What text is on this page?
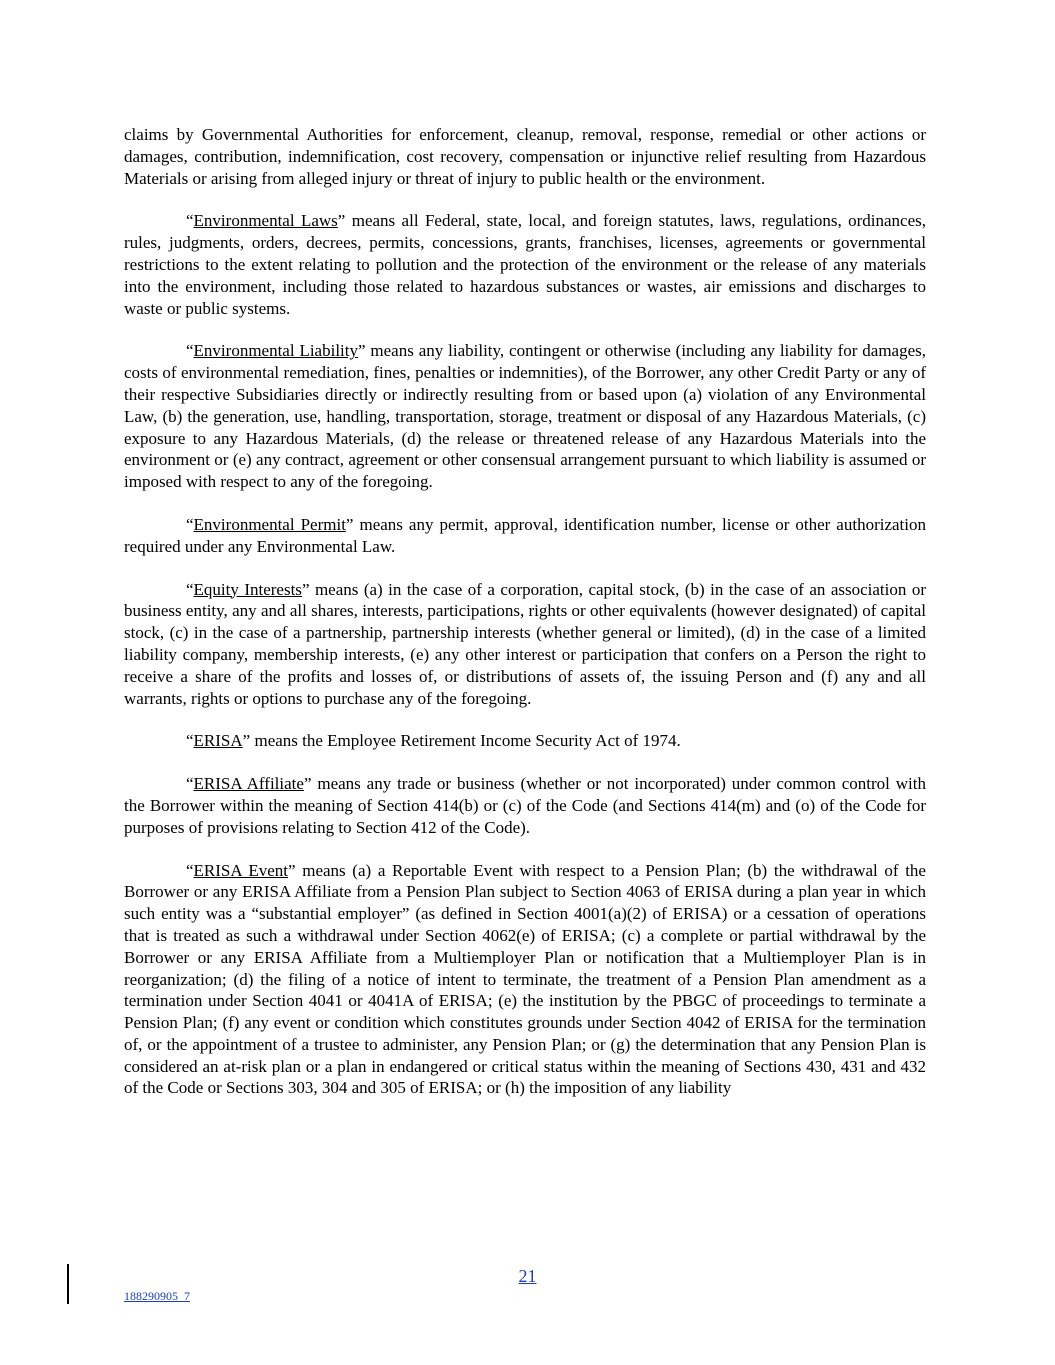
claims by Governmental Authorities for enforcement, cleanup, removal, response, remedial or other actions or damages, contribution, indemnification, cost recovery, compensation or injunctive relief resulting from Hazardous Materials or arising from alleged injury or threat of injury to public health or the environment.

“Environmental Laws” means all Federal, state, local, and foreign statutes, laws, regulations, ordinances, rules, judgments, orders, decrees, permits, concessions, grants, franchises, licenses, agreements or governmental restrictions to the extent relating to pollution and the protection of the environment or the release of any materials into the environment, including those related to hazardous substances or wastes, air emissions and discharges to waste or public systems.

“Environmental Liability” means any liability, contingent or otherwise (including any liability for damages, costs of environmental remediation, fines, penalties or indemnities), of the Borrower, any other Credit Party or any of their respective Subsidiaries directly or indirectly resulting from or based upon (a) violation of any Environmental Law, (b) the generation, use, handling, transportation, storage, treatment or disposal of any Hazardous Materials, (c) exposure to any Hazardous Materials, (d) the release or threatened release of any Hazardous Materials into the environment or (e) any contract, agreement or other consensual arrangement pursuant to which liability is assumed or imposed with respect to any of the foregoing.

“Environmental Permit” means any permit, approval, identification number, license or other authorization required under any Environmental Law.

“Equity Interests” means (a) in the case of a corporation, capital stock, (b) in the case of an association or business entity, any and all shares, interests, participations, rights or other equivalents (however designated) of capital stock, (c) in the case of a partnership, partnership interests (whether general or limited), (d) in the case of a limited liability company, membership interests, (e) any other interest or participation that confers on a Person the right to receive a share of the profits and losses of, or distributions of assets of, the issuing Person and (f) any and all warrants, rights or options to purchase any of the foregoing.

“ERISA” means the Employee Retirement Income Security Act of 1974.

“ERISA Affiliate” means any trade or business (whether or not incorporated) under common control with the Borrower within the meaning of Section 414(b) or (c) of the Code (and Sections 414(m) and (o) of the Code for purposes of provisions relating to Section 412 of the Code).

“ERISA Event” means (a) a Reportable Event with respect to a Pension Plan; (b) the withdrawal of the Borrower or any ERISA Affiliate from a Pension Plan subject to Section 4063 of ERISA during a plan year in which such entity was a “substantial employer” (as defined in Section 4001(a)(2) of ERISA) or a cessation of operations that is treated as such a withdrawal under Section 4062(e) of ERISA; (c) a complete or partial withdrawal by the Borrower or any ERISA Affiliate from a Multiemployer Plan or notification that a Multiemployer Plan is in reorganization; (d) the filing of a notice of intent to terminate, the treatment of a Pension Plan amendment as a termination under Section 4041 or 4041A of ERISA; (e) the institution by the PBGC of proceedings to terminate a Pension Plan; (f) any event or condition which constitutes grounds under Section 4042 of ERISA for the termination of, or the appointment of a trustee to administer, any Pension Plan; or (g) the determination that any Pension Plan is considered an at-risk plan or a plan in endangered or critical status within the meaning of Sections 430, 431 and 432 of the Code or Sections 303, 304 and 305 of ERISA; or (h) the imposition of any liability

21
188290905_7
